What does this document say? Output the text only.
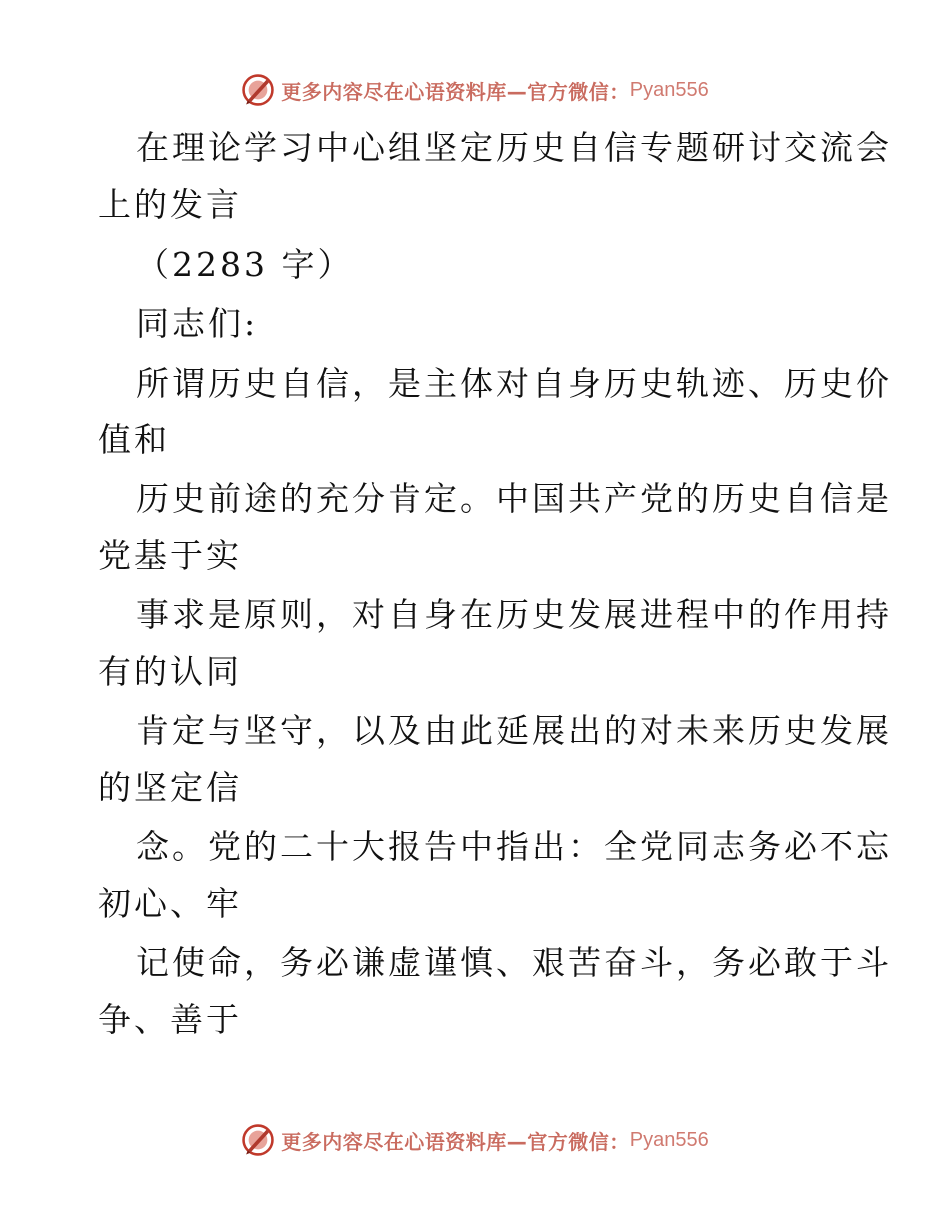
更多内容尽在心语资料库—官方微信： Pyan556
在理论学习中心组坚定历史自信专题研讨交流会
上的发言
（2283 字）
同志们:
所谓历史自信，是主体对自身历史轨迹、历史价
值和
历史前途的充分肯定。中国共产党的历史自信是
党基于实
事求是原则，对自身在历史发展进程中的作用持
有的认同
肯定与坚守，以及由此延展出的对未来历史发展
的坚定信
念。党的二十大报告中指出：全党同志务必不忘
初心、牢
记使命，务必谦虚谨慎、艰苦奋斗，务必敢于斗
争、善于
更多内容尽在心语资料库—官方微信： Pyan556
